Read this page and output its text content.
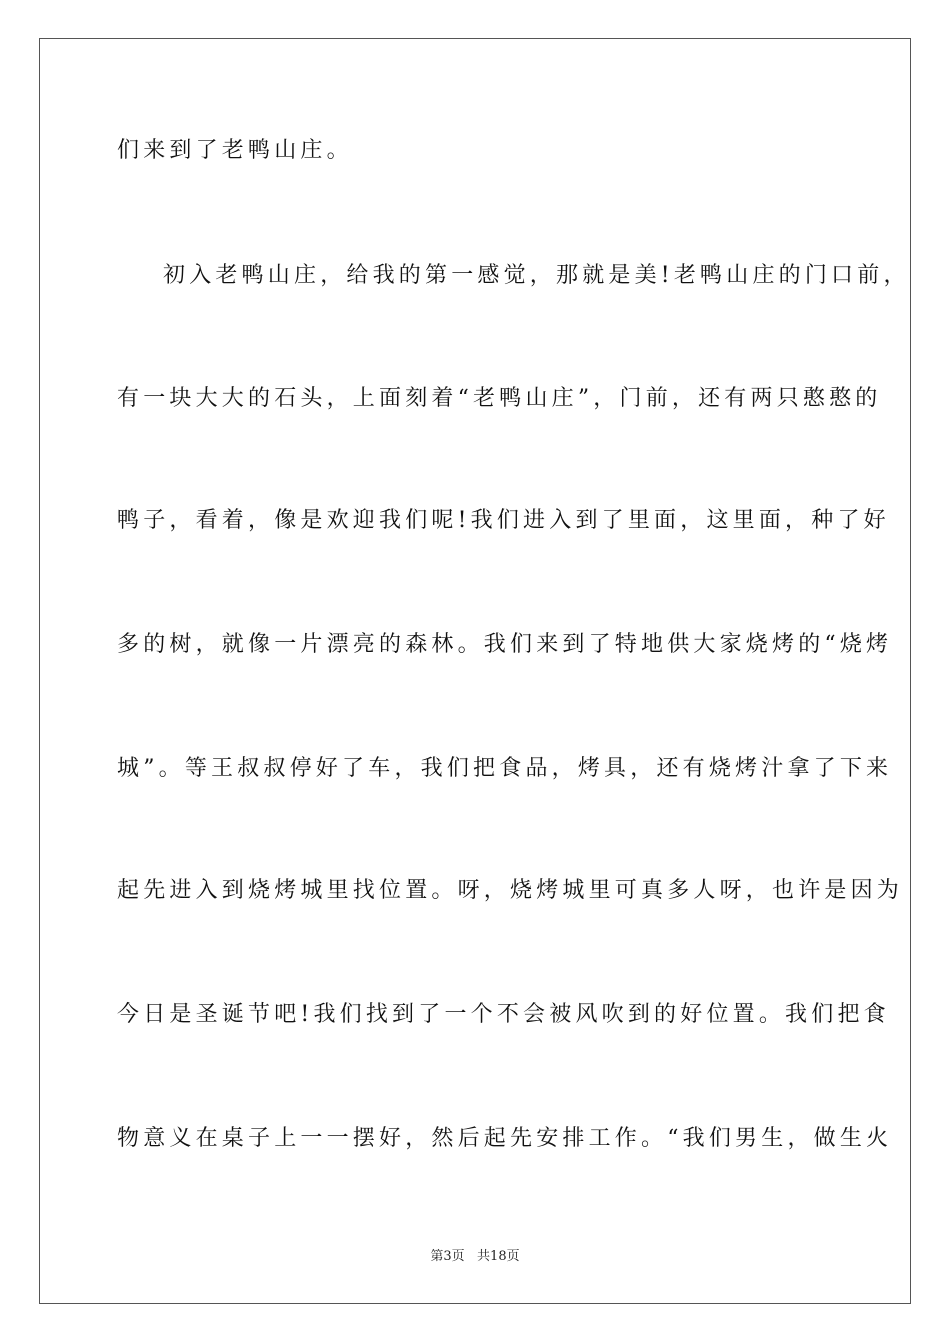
们来到了老鸭山庄。
初入老鸭山庄，给我的第一感觉，那就是美!老鸭山庄的门口前，
有一块大大的石头，上面刻着“老鸭山庄”，门前，还有两只憨憨的
鸭子，看着，像是欢迎我们呢!我们进入到了里面，这里面，种了好
多的树，就像一片漂亮的森林。我们来到了特地供大家烧烤的“烧烤
城”。等王叔叔停好了车，我们把食品，烤具，还有烧烤汁拿了下来
起先进入到烧烤城里找位置。呀，烧烤城里可真多人呀，也许是因为
今日是圣诞节吧!我们找到了一个不会被风吹到的好位置。我们把食
物意义在桌子上一一摆好，然后起先安排工作。“我们男生，做生火
第3页   共18页
